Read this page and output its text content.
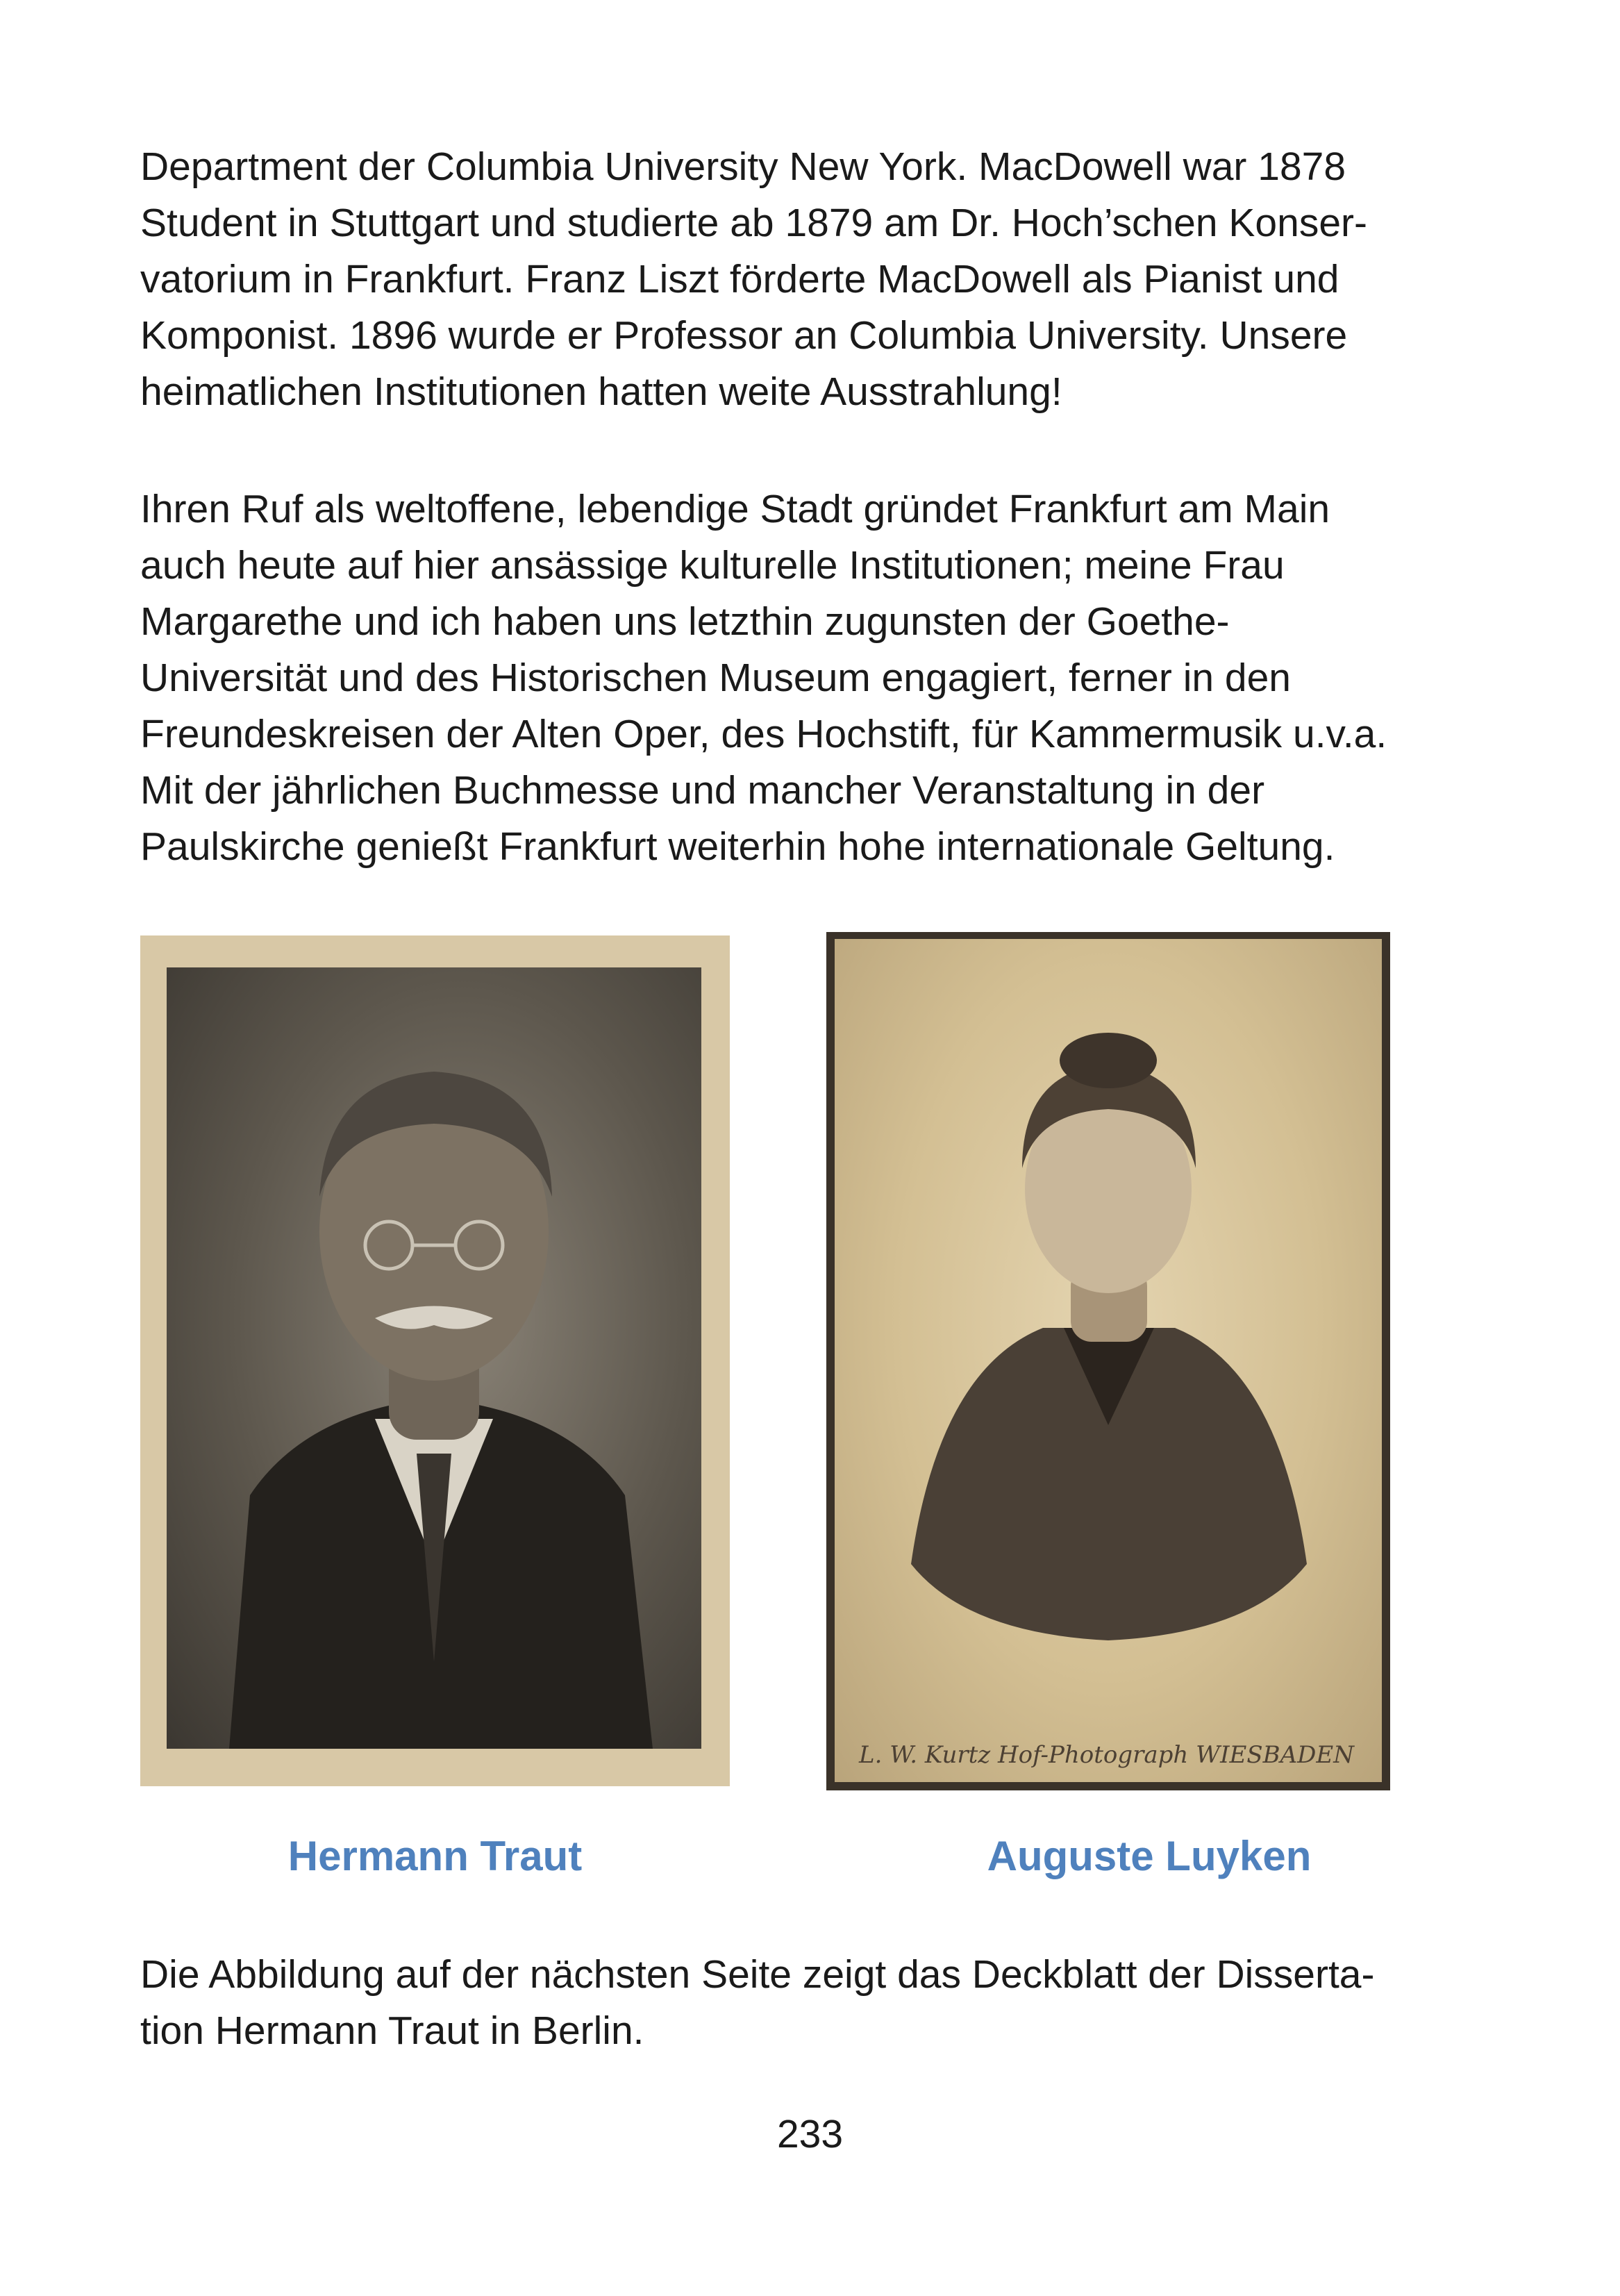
Department der Columbia University New York. MacDowell war 1878
Student in Stuttgart und studierte ab 1879 am Dr. Hoch’schen Konser-
vatorium in Frankfurt. Franz Liszt förderte MacDowell als Pianist und
Komponist. 1896 wurde er Professor an Columbia University. Unsere
heimatlichen Institutionen hatten weite Ausstrahlung!
Ihren Ruf als weltoffene, lebendige Stadt gründet Frankfurt am Main
auch heute auf hier ansässige kulturelle Institutionen; meine Frau
Margarethe und ich haben uns letzthin zugunsten der Goethe-
Universität und des Historischen Museum engagiert, ferner in den
Freundeskreisen der Alten Oper, des Hochstift, für Kammermusik u.v.a.
Mit der jährlichen Buchmesse und mancher Veranstaltung in der
Paulskirche genießt Frankfurt weiterhin hohe internationale Geltung.
L. W. Kurtz Hof-Photograph WIESBADEN
Hermann Traut	Auguste Luyken
Die Abbildung auf der nächsten Seite zeigt das Deckblatt der Disserta-
tion Hermann Traut in Berlin.
233
